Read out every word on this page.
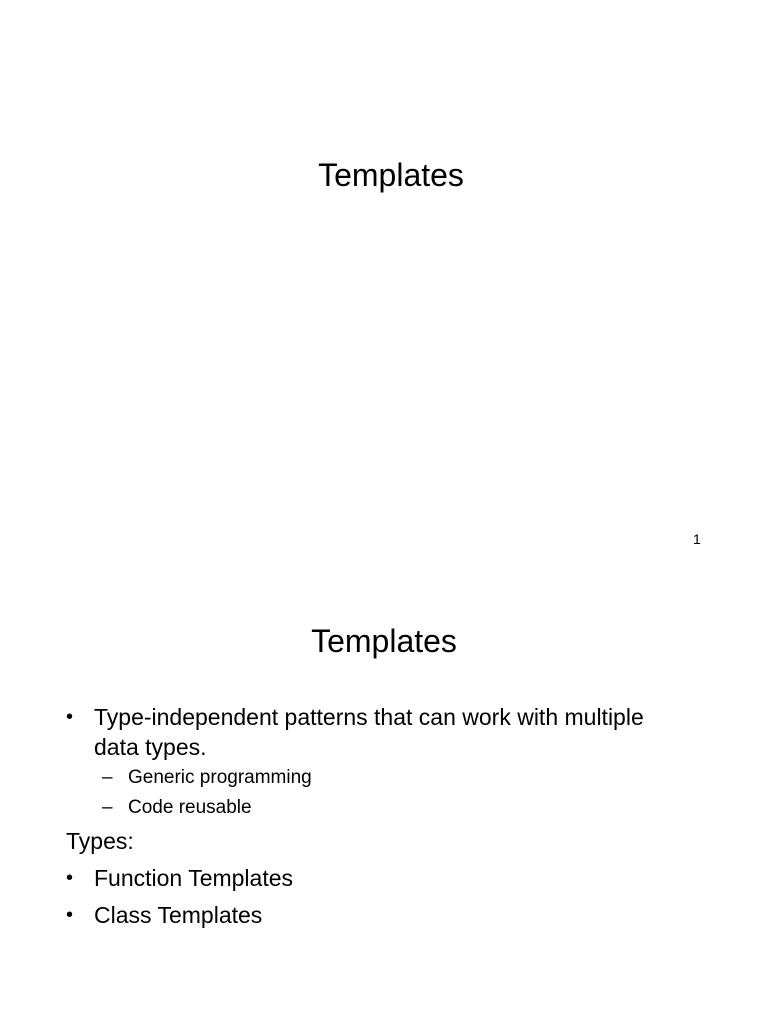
Templates
1
Templates
• Type-independent patterns that can work with multiple data types.
– Generic programming
– Code reusable
Types:
• Function Templates
• Class Templates
